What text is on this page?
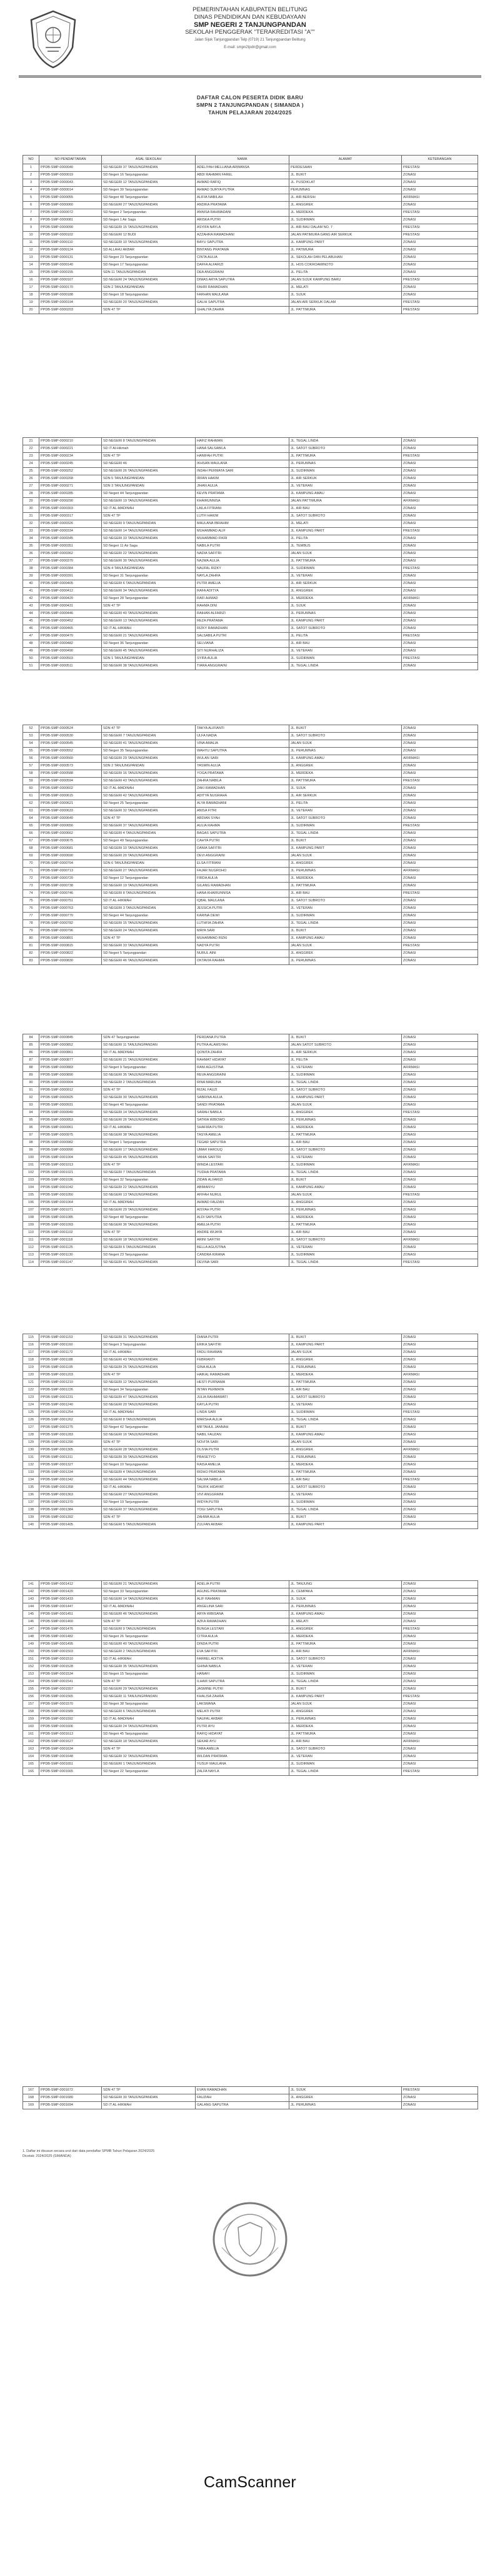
PEMERINTAHAN KABUPATEN BELITUNG
DINAS PENDIDIKAN DAN KEBUDAYAAN
SMP NEGERI 2 TANJUNGPANDAN
SEKOLAH PENGGERAK "TERAKREDITASI "A""
Jalan Sijuk Tanjungpandan Telp (0719) 21 Tanjungpandan Belitung
E-mail: smpn2tpdn@gmail.com
DAFTAR CALON PESERTA DIDIK BARU
SMPN 2 TANJUNGPANDAN ( SIMANDA )
TAHUN PELAJARAN 2024/2025
NO	NO PENDAFTARAN	ASAL SEKOLAH	NAMA	ALAMAT	KETERANGAN
1	PPDB-SMP-0000040	SD NEGERI 37 TANJUNGPANDAN	ADELIYAH MELLIANA ARWANSA	PERDESAAN	PRESTASI
2	PPDB-SMP-0000019	SD Negeri 16 Tanjungpandan	ABDI RAHMAN FAREL	JL. BUKIT	ZONASI
3	PPDB-SMP-0000043	SD NEGERI 12 TANJUNGPANDAN	AHMAD RAFIQ	JL. PUSDIKLAT	ZONASI
4	PPDB-SMP-0000014	SD Negeri 39 Tanjungpandan	AHMAD SURYA PUTRA	PERUMNAS	ZONASI
5	PPDB-SMP-0000055	SD Negeri 48 Tanjungpandan	ALIFIA NABILAH	JL. AIR BERSIH	AFIRMASI
6	PPDB-SMP-0000060	SD NEGERI 27 TANJUNGPANDAN	ANDIKA PRATAMA	JL. ANGGREK	ZONASI
7	PPDB-SMP-0000072	SD Negeri 2 Tanjungpandan	ANNISA RAHMADANI	JL. MERDEKA	PRESTASI
8	PPDB-SMP-0000081	SD Negeri 1 Air Saga	ARISKA PUTRI	JL. SUDIRMAN	ZONASI
9	PPDB-SMP-0000090	SD NEGERI 15 TANJUNGPANDAN	ASYIFA NAYLA	JL. AIR BAU DALAM NO. 7	PRESTASI
10	PPDB-SMP-0000102	SD NEGERI 12 BUDI	AZZAHRA RAMADHANI	JALAN PATIMURA GANG AIR SERKUK	PRESTASI
11	PPDB-SMP-0000110	SD NEGERI 10 TANJUNGPANDAN	BAYU SAPUTRA	JL. KAMPUNG PARIT	ZONASI
12	PPDB-SMP-0000124	SD ALLAHU AKBAR	BINTANG PRATAMA	JL. PATIMURA	ZONASI
13	PPDB-SMP-0000131	SD Negeri 23 Tanjungpandan	CINTA AULIA	JL. SEKOLAH DAN PELABUHAN	ZONASI
14	PPDB-SMP-0000140	SD Negeri 17 Tanjungpandan	DAFFA ALFARIZI	JL. HOS COKROAMINOTO	ZONASI
15	PPDB-SMP-0000155	SDN 11 TANJUNGPANDAN	DEA ANGGRAINI	JL. PELITA	ZONASI
16	PPDB-SMP-0000167	SD NEGERI 24 TANJUNGPANDAN	DIMAS ARYA SAPUTRA	JALAN SIJUK KAMPUNG BARU	PRESTASI
17	PPDB-SMP-0000170	SDN 2 TANJUNGPANDAN	FAHRI RAMADHAN	JL. MELATI	ZONASI
18	PPDB-SMP-0000188	SD Negeri 18 Tanjungpandan	FARHAN MAULANA	JL. SIJUK	ZONASI
19	PPDB-SMP-0000194	SD NEGERI 20 TANJUNGPANDAN	GALIH SAPUTRA	JALAN AIR SERKUK DALAM	PRESTASI
20	PPDB-SMP-0000203	SDN 47 TP	GHALIYA ZAHRA	JL. PATTIMURA	PRESTASI
21	PPDB-SMP-0000210	SD NEGERI 8 TANJUNGPANDAN	HAFIZ RAHMAN	JL. TEGAL LINDA	ZONASI
22	PPDB-SMP-0000221	SD IT Al-Hikmah	HANA SALSABILA	JL. SATOT SUBROTO	ZONASI
23	PPDB-SMP-0000234	SDN 47 TP	HANIFAH PUTRI	JL. PATTIMURA	PRESTASI
24	PPDB-SMP-0000245	SD NEGERI 46	IKHSAN MAULANA	JL. PERUMNAS	ZONASI
25	PPDB-SMP-0000252	SD NEGERI 26 TANJUNGPANDAN	INDAH PERMATA SARI	JL. SUDIRMAN	ZONASI
26	PPDB-SMP-0000268	SDN 5 TANJUNGPANDAN	IRFAN HAKIM	JL. AIR SERKUK	ZONASI
27	PPDB-SMP-0000271	SDN 3 TANJUNGPANDAN	JIHAN AULIA	JL. VETERAN	ZONASI
28	PPDB-SMP-0000285	SD Negeri 44 Tanjungpandan	KEVIN PRATAMA	JL. KAMPUNG AMAU	ZONASI
29	PPDB-SMP-0000290	SD NEGERI 19 TANJUNGPANDAN	KHAIRUNNISA	JALAN PATTIMURA	AFIRMASI
30	PPDB-SMP-0000303	SD IT AL-MADINAH	LAILA FITRIANI	JL. AIR BAU	ZONASI
31	PPDB-SMP-0000317	SDN 47 TP	LUTFI HAKIM	JL. SATOT SUBROTO	ZONASI
32	PPDB-SMP-0000326	SD NEGERI 9 TANJUNGPANDAN	MAULANA IBRAHIM	JL. MELATI	ZONASI
33	PPDB-SMP-0000334	SD NEGERI 14 TANJUNGPANDAN	MUHAMMAD ALIF	JL. KAMPUNG PARIT	PRESTASI
34	PPDB-SMP-0000345	SD NEGERI 33 TANJUNGPANDAN	MUHAMMAD FIKRI	JL. PELITA	ZONASI
35	PPDB-SMP-0000351	SD Negeri 11 Air Saga	NABILA PUTRI	JL. TEMBUS	ZONASI
36	PPDB-SMP-0000362	SD NEGERI 22 TANJUNGPANDAN	NADIA SAFITRI	JALAN SIJUK	ZONASI
37	PPDB-SMP-0000370	SD NEGERI 30 TANJUNGPANDAN	NAJWA AULIA	JL. PATTIMURA	ZONASI
38	PPDB-SMP-0000384	SDN 4 TANJUNGPANDAN	NAUFAL RIZKY	JL. SUDIRMAN	PRESTASI
39	PPDB-SMP-0000391	SD Negeri 31 Tanjungpandan	NAYLA ZAHRA	JL. VETERAN	ZONASI
40	PPDB-SMP-0000405	SD NEGERI 6 TANJUNGPANDAN	PUTRI AMELIA	JL. AIR SERKUK	ZONASI
41	PPDB-SMP-0000412	SD NEGERI 34 TANJUNGPANDAN	RAFA ADITYA	JL. ANGGREK	ZONASI
42	PPDB-SMP-0000420	SD Negeri 28 Tanjungpandan	RAFI AHMAD	JL. MERDEKA	AFIRMASI
43	PPDB-SMP-0000431	SDN 47 TP	RAHMA DINI	JL. SIJUK	ZONASI
44	PPDB-SMP-0000446	SD NEGERI 40 TANJUNGPANDAN	RAIHAN ALFARIZI	JL. PERUMNAS	ZONASI
45	PPDB-SMP-0000452	SD NEGERI 13 TANJUNGPANDAN	REZA PRATAMA	JL. KAMPUNG PARIT	ZONASI
46	PPDB-SMP-0000465	SD IT AL-HIKMAH	RIZKY RAMADHAN	JL. SATOT SUBROTO	ZONASI
47	PPDB-SMP-0000470	SD NEGERI 21 TANJUNGPANDAN	SALSABILA PUTRI	JL. PELITA	PRESTASI
48	PPDB-SMP-0000482	SD Negeri 36 Tanjungpandan	SELVIANA	JL. AIR BAU	ZONASI
49	PPDB-SMP-0000490	SD NEGERI 45 TANJUNGPANDAN	SITI NURHALIZA	JL. VETERAN	ZONASI
50	PPDB-SMP-0000503	SDN 1 TANJUNGPANDAN	SYIFA AULIA	JL. SUDIRMAN	PRESTASI
51	PPDB-SMP-0000511	SD NEGERI 38 TANJUNGPANDAN	TIARA ANGGRAINI	JL. TEGAL LINDA	ZONASI
52	PPDB-SMP-0000524	SDN 47 TP	TAKYA ALIFIANTI	JL. BUKIT	ZONASI
53	PPDB-SMP-0000530	SD NEGERI 7 TANJUNGPANDAN	ULFA NADIA	JL. SATOT SUBROTO	ZONASI
54	PPDB-SMP-0000545	SD NEGERI 41 TANJUNGPANDAN	VINA AMALIA	JALAN SIJUK	ZONASI
55	PPDB-SMP-0000552	SD Negeri 35 Tanjungpandan	WAHYU SAPUTRA	JL. PERUMNAS	ZONASI
56	PPDB-SMP-0000560	SD NEGERI 29 TANJUNGPANDAN	WULAN SARI	JL. KAMPUNG AMAU	AFIRMASI
57	PPDB-SMP-0000573	SDN 2 TANJUNGPANDAN	YASMIN AULIA	JL. ANGGREK	ZONASI
58	PPDB-SMP-0000588	SD NEGERI 16 TANJUNGPANDAN	YOGA PRATAMA	JL. MERDEKA	ZONASI
59	PPDB-SMP-0000594	SD NEGERI 43 TANJUNGPANDAN	ZAHRA NABILA	JL. PATTIMURA	PRESTASI
60	PPDB-SMP-0000602	SD IT AL-MADINAH	ZAKI RAMADHAN	JL. SIJUK	ZONASI
61	PPDB-SMP-0000615	SD NEGERI 42 TANJUNGPANDAN	ADITYA NUGRAHA	JL. AIR SERKUK	ZONASI
62	PPDB-SMP-0000621	SD Negeri 25 Tanjungpandan	ALYA RAMADHANI	JL. PELITA	ZONASI
63	PPDB-SMP-0000633	SD NEGERI 32 TANJUNGPANDAN	ANISA FITRI	JL. VETERAN	ZONASI
64	PPDB-SMP-0000640	SDN 47 TP	ARDIAN SYAH	JL. SATOT SUBROTO	ZONASI
65	PPDB-SMP-0000656	SD NEGERI 37 TANJUNGPANDAN	AULIA RAHMA	JL. SUDIRMAN	PRESTASI
66	PPDB-SMP-0000662	SD NEGERI 4 TANJUNGPANDAN	BAGAS SAPUTRA	JL. TEGAL LINDA	ZONASI
67	PPDB-SMP-0000675	SD Negeri 49 Tanjungpandan	CAHYA PUTRI	JL. BUKIT	ZONASI
68	PPDB-SMP-0000681	SD NEGERI 10 TANJUNGPANDAN	DANIA SAFITRI	JL. KAMPUNG PARIT	ZONASI
69	PPDB-SMP-0000690	SD NEGERI 20 TANJUNGPANDAN	DEVI ANGGRAINI	JALAN SIJUK	ZONASI
70	PPDB-SMP-0000704	SDN 6 TANJUNGPANDAN	ELSA FITRIANI	JL. ANGGREK	ZONASI
71	PPDB-SMP-0000713	SD NEGERI 27 TANJUNGPANDAN	FAJAR NUGROHO	JL. PERUMNAS	AFIRMASI
72	PPDB-SMP-0000720	SD Negeri 12 Tanjungpandan	FIRDA AULIA	JL. MERDEKA	ZONASI
73	PPDB-SMP-0000738	SD NEGERI 19 TANJUNGPANDAN	GILANG RAMADHAN	JL. PATTIMURA	ZONASI
74	PPDB-SMP-0000746	SD NEGERI 8 TANJUNGPANDAN	HANA KHAIRUNNISA	JL. AIR BAU	PRESTASI
75	PPDB-SMP-0000751	SD IT AL-HIKMAH	IQBAL MAULANA	JL. SATOT SUBROTO	ZONASI
76	PPDB-SMP-0000763	SD NEGERI 3 TANJUNGPANDAN	JESSICA PUTRI	JL. VETERAN	ZONASI
77	PPDB-SMP-0000770	SD Negeri 44 Tanjungpandan	KARINA DEWI	JL. SUDIRMAN	ZONASI
78	PPDB-SMP-0000782	SD NEGERI 15 TANJUNGPANDAN	LUTHFIA ZAHRA	JL. TEGAL LINDA	ZONASI
79	PPDB-SMP-0000796	SD NEGERI 24 TANJUNGPANDAN	MAYA SARI	JL. BUKIT	ZONASI
80	PPDB-SMP-0000801	SDN 47 TP	MUHAMMAD RIZKI	JL. KAMPUNG AMAU	ZONASI
81	PPDB-SMP-0000815	SD NEGERI 33 TANJUNGPANDAN	NADYA PUTRI	JALAN SIJUK	PRESTASI
82	PPDB-SMP-0000822	SD Negeri 5 Tanjungpandan	NURUL AINI	JL. ANGGREK	ZONASI
83	PPDB-SMP-0000830	SD NEGERI 46 TANJUNGPANDAN	OKTAVIA RAHMA	JL. PERUMNAS	ZONASI
84	PPDB-SMP-0000845	SDN 47 Tanjungpandan	PERDANA PUTRA	JL. BUKIT	ZONASI
85	PPDB-SMP-0000852	SD NEGERI 11 TANJUNGPANDAN	PUTRA ALAMSYAH	JALAN SATOT SUBROTO	ZONASI
86	PPDB-SMP-0000861	SD IT AL-MADINAH	QONITA ZAHRA	JL. AIR SERKUK	ZONASI
87	PPDB-SMP-0000877	SD NEGERI 21 TANJUNGPANDAN	RAHMAT HIDAYAT	JL. PELITA	ZONASI
88	PPDB-SMP-0000883	SD Negeri 9 Tanjungpandan	RANI AGUSTINA	JL. VETERAN	AFIRMASI
89	PPDB-SMP-0000890	SD NEGERI 35 TANJUNGPANDAN	REVA ANGGRAINI	JL. SUDIRMAN	ZONASI
90	PPDB-SMP-0000904	SD NEGERI 2 TANJUNGPANDAN	RINA MARLINA	JL. TEGAL LINDA	ZONASI
91	PPDB-SMP-0000912	SDN 47 TP	RIZAL FAUZI	JL. SATOT SUBROTO	ZONASI
92	PPDB-SMP-0000925	SD NEGERI 30 TANJUNGPANDAN	SABRINA AULIA	JL. KAMPUNG PARIT	ZONASI
93	PPDB-SMP-0000931	SD Negeri 40 Tanjungpandan	SANDI PRATAMA	JALAN SIJUK	ZONASI
94	PPDB-SMP-0000940	SD NEGERI 14 TANJUNGPANDAN	SARAH NABILA	JL. ANGGREK	PRESTASI
95	PPDB-SMP-0000953	SD NEGERI 26 TANJUNGPANDAN	SATRIA WIBOWO	JL. PERUMNAS	ZONASI
96	PPDB-SMP-0000961	SD IT AL-HIKMAH	SHAFIRA PUTRI	JL. MERDEKA	ZONASI
97	PPDB-SMP-0000975	SD NEGERI 38 TANJUNGPANDAN	TASYA AMELIA	JL. PATTIMURA	ZONASI
98	PPDB-SMP-0000982	SD Negeri 1 Tanjungpandan	TEGAR SAPUTRA	JL. AIR BAU	ZONASI
99	PPDB-SMP-0000990	SD NEGERI 17 TANJUNGPANDAN	UMAR FAROUQ	JL. SATOT SUBROTO	ZONASI
100	PPDB-SMP-0001004	SD NEGERI 45 TANJUNGPANDAN	VANIA SAFITRI	JL. VETERAN	ZONASI
101	PPDB-SMP-0001013	SDN 47 TP	WINDA LESTARI	JL. SUDIRMAN	AFIRMASI
102	PPDB-SMP-0001021	SD NEGERI 7 TANJUNGPANDAN	YUDHA PRATAMA	JL. TEGAL LINDA	ZONASI
103	PPDB-SMP-0001036	SD Negeri 32 Tanjungpandan	ZIDAN ALFARIZI	JL. BUKIT	ZONASI
104	PPDB-SMP-0001042	SD NEGERI 22 TANJUNGPANDAN	ABIMANYU	JL. KAMPUNG AMAU	ZONASI
105	PPDB-SMP-0001050	SD NEGERI 13 TANJUNGPANDAN	AFIFAH NURUL	JALAN SIJUK	PRESTASI
106	PPDB-SMP-0001064	SD IT AL-MADINAH	AHMAD FAUZAN	JL. ANGGREK	ZONASI
107	PPDB-SMP-0001071	SD NEGERI 29 TANJUNGPANDAN	AISYAH PUTRI	JL. PERUMNAS	ZONASI
108	PPDB-SMP-0001085	SD Negeri 48 Tanjungpandan	ALDI SAPUTRA	JL. MERDEKA	ZONASI
109	PPDB-SMP-0001093	SD NEGERI 36 TANJUNGPANDAN	AMELIA PUTRI	JL. PATTIMURA	ZONASI
110	PPDB-SMP-0001102	SDN 47 TP	ANDRE WIJAYA	JL. AIR BAU	ZONASI
111	PPDB-SMP-0001118	SD NEGERI 18 TANJUNGPANDAN	ARINI SAFITRI	JL. SATOT SUBROTO	AFIRMASI
112	PPDB-SMP-0001125	SD NEGERI 6 TANJUNGPANDAN	BELLA AGUSTINA	JL. VETERAN	ZONASI
113	PPDB-SMP-0001130	SD Negeri 23 Tanjungpandan	CANDRA KIRANA	JL. SUDIRMAN	ZONASI
114	PPDB-SMP-0001147	SD NEGERI 41 TANJUNGPANDAN	DEVINA SARI	JL. TEGAL LINDA	PRESTASI
115	PPDB-SMP-0001153	SD NEGERI 31 TANJUNGPANDAN	DIANA PUTRI	JL. BUKIT	ZONASI
116	PPDB-SMP-0001160	SD Negeri 3 Tanjungpandan	ERIKA SAFITRI	JL. KAMPUNG PARIT	ZONASI
117	PPDB-SMP-0001172	SD IT AL-HIKMAH	FADLI RAHMAN	JALAN SIJUK	ZONASI
118	PPDB-SMP-0001188	SD NEGERI 43 TANJUNGPANDAN	FEBRIANTI	JL. ANGGREK	ZONASI
119	PPDB-SMP-0001195	SD NEGERI 25 TANJUNGPANDAN	GINA AULIA	JL. PERUMNAS	ZONASI
120	PPDB-SMP-0001203	SDN 47 TP	HAIKAL RAMADHAN	JL. MERDEKA	AFIRMASI
121	PPDB-SMP-0001210	SD NEGERI 12 TANJUNGPANDAN	HESTI PURNAMA	JL. PATTIMURA	ZONASI
122	PPDB-SMP-0001226	SD Negeri 34 Tanjungpandan	INTAN PERMATA	JL. AIR BAU	ZONASI
123	PPDB-SMP-0001231	SD NEGERI 47 TANJUNGPANDAN	JULIA RAHMAWATI	JL. SATOT SUBROTO	ZONASI
124	PPDB-SMP-0001240	SD NEGERI 20 TANJUNGPANDAN	KAYLA PUTRI	JL. VETERAN	ZONASI
125	PPDB-SMP-0001254	SD IT AL-MADINAH	LINDA SARI	JL. SUDIRMAN	PRESTASI
126	PPDB-SMP-0001262	SD NEGERI 8 TANJUNGPANDAN	MARSHA AULIA	JL. TEGAL LINDA	ZONASI
127	PPDB-SMP-0001275	SD Negeri 42 Tanjungpandan	MIFTAHUL JANNAH	JL. BUKIT	ZONASI
128	PPDB-SMP-0001283	SD NEGERI 16 TANJUNGPANDAN	NABIL FAUZAN	JL. KAMPUNG AMAU	ZONASI
129	PPDB-SMP-0001290	SDN 47 TP	NOVITA SARI	JALAN SIJUK	ZONASI
130	PPDB-SMP-0001305	SD NEGERI 28 TANJUNGPANDAN	OLIVIA PUTRI	JL. ANGGREK	AFIRMASI
131	PPDB-SMP-0001311	SD NEGERI 39 TANJUNGPANDAN	PRASETYO	JL. PERUMNAS	ZONASI
132	PPDB-SMP-0001327	SD Negeri 10 Tanjungpandan	RAISA AMELIA	JL. MERDEKA	ZONASI
133	PPDB-SMP-0001334	SD NEGERI 4 TANJUNGPANDAN	RIDHO PRATAMA	JL. PATTIMURA	ZONASI
134	PPDB-SMP-0001342	SD NEGERI 44 TANJUNGPANDAN	SALMA NABILA	JL. AIR BAU	PRESTASI
135	PPDB-SMP-0001358	SD IT AL-HIKMAH	TAUFIK HIDAYAT	JL. SATOT SUBROTO	ZONASI
136	PPDB-SMP-0001363	SD NEGERI 27 TANJUNGPANDAN	VIVI ANGGRAINI	JL. VETERAN	ZONASI
137	PPDB-SMP-0001370	SD Negeri 19 Tanjungpandan	WIDYA PUTRI	JL. SUDIRMAN	ZONASI
138	PPDB-SMP-0001384	SD NEGERI 37 TANJUNGPANDAN	YOGI SAPUTRA	JL. TEGAL LINDA	ZONASI
139	PPDB-SMP-0001392	SDN 47 TP	ZAHWA AULIA	JL. BUKIT	ZONASI
140	PPDB-SMP-0001405	SD NEGERI 5 TANJUNGPANDAN	ZULFAN AKBAR	JL. KAMPUNG PARIT	ZONASI
141	PPDB-SMP-0001412	SD NEGERI 21 TANJUNGPANDAN	ADELIA PUTRI	JL. TANJUNG	ZONASI
142	PPDB-SMP-0001420	SD Negeri 33 Tanjungpandan	AGUNG PRATAMA	JL. CEMPAKA	ZONASI
143	PPDB-SMP-0001433	SD NEGERI 14 TANJUNGPANDAN	ALIF RAHMAN	JL. SIJUK	ZONASI
144	PPDB-SMP-0001447	SD IT AL-MADINAH	ANGELINA SARI	JL. PERUMNAS	ZONASI
145	PPDB-SMP-0001451	SD NEGERI 46 TANJUNGPANDAN	ARYA WIBISANA	JL. KAMPUNG AMAU	ZONASI
146	PPDB-SMP-0001460	SDN 47 TP	AZKA RAMADHAN	JL. MELATI	ZONASI
147	PPDB-SMP-0001476	SD NEGERI 9 TANJUNGPANDAN	BUNGA LESTARI	JL. ANGGREK	PRESTASI
148	PPDB-SMP-0001482	SD Negeri 26 Tanjungpandan	CITRA AULIA	JL. MERDEKA	ZONASI
149	PPDB-SMP-0001495	SD NEGERI 40 TANJUNGPANDAN	DINDA PUTRI	JL. PATTIMURA	ZONASI
150	PPDB-SMP-0001503	SD NEGERI 2 TANJUNGPANDAN	EVA SAFITRI	JL. AIR BAU	AFIRMASI
151	PPDB-SMP-0001510	SD IT AL-HIKMAH	FARREL ADITYA	JL. SATOT SUBROTO	ZONASI
152	PPDB-SMP-0001528	SD NEGERI 35 TANJUNGPANDAN	GHINA NABILA	JL. VETERAN	ZONASI
153	PPDB-SMP-0001534	SD Negeri 15 Tanjungpandan	HANAFI	JL. SUDIRMAN	ZONASI
154	PPDB-SMP-0001541	SDN 47 TP	ILHAM SAPUTRA	JL. TEGAL LINDA	ZONASI
155	PPDB-SMP-0001557	SD NEGERI 29 TANJUNGPANDAN	JASMINE PUTRI	JL. BUKIT	ZONASI
156	PPDB-SMP-0001565	SD NEGERI 11 TANJUNGPANDAN	KHALISA ZAHRA	JL. KAMPUNG PARIT	PRESTASI
157	PPDB-SMP-0001570	SD Negeri 38 Tanjungpandan	LAKSMANA	JALAN SIJUK	ZONASI
158	PPDB-SMP-0001589	SD NEGERI 6 TANJUNGPANDAN	MELATI PUTRI	JL. ANGGREK	ZONASI
159	PPDB-SMP-0001592	SD IT AL-MADINAH	NAUFAL AKBAR	JL. PERUMNAS	ZONASI
160	PPDB-SMP-0001606	SD NEGERI 24 TANJUNGPANDAN	PUTRI AYU	JL. MERDEKA	ZONASI
161	PPDB-SMP-0001613	SD Negeri 45 Tanjungpandan	RAFIQ HIDAYAT	JL. PATTIMURA	ZONASI
162	PPDB-SMP-0001627	SD NEGERI 18 TANJUNGPANDAN	SEKAR AYU	JL. AIR BAU	AFIRMASI
163	PPDB-SMP-0001634	SDN 47 TP	TARA AMELIA	JL. SATOT SUBROTO	ZONASI
164	PPDB-SMP-0001648	SD NEGERI 32 TANJUNGPANDAN	WILDAN PRATAMA	JL. VETERAN	ZONASI
165	PPDB-SMP-0001651	SD NEGERI 1 TANJUNGPANDAN	YUSUF MAULANA	JL. SUDIRMAN	ZONASI
166	PPDB-SMP-0001665	SD Negeri 22 Tanjungpandan	ZALFA NAYLA	JL. TEGAL LINDA	PRESTASI
167	PPDB-SMP-0001672	SDN 47 TP	EVAN RAMADHAN	JL. SIJUK	PRESTASI
168	PPDB-SMP-0001680	SD NEGERI 30 TANJUNGPANDAN	FAUZIAH	JL. ANGGREK	ZONASI
169	PPDB-SMP-0001694	SD IT AL-HIKMAH	GALANG SAPUTRA	JL. PERUMNAS	ZONASI
1. Daftar ini disusun secara urut dari data pendaftar SPMB Tahun Pelajaran 2024/2025
Dicetak: 2024/2025 (SIMANDA)
CamScanner
